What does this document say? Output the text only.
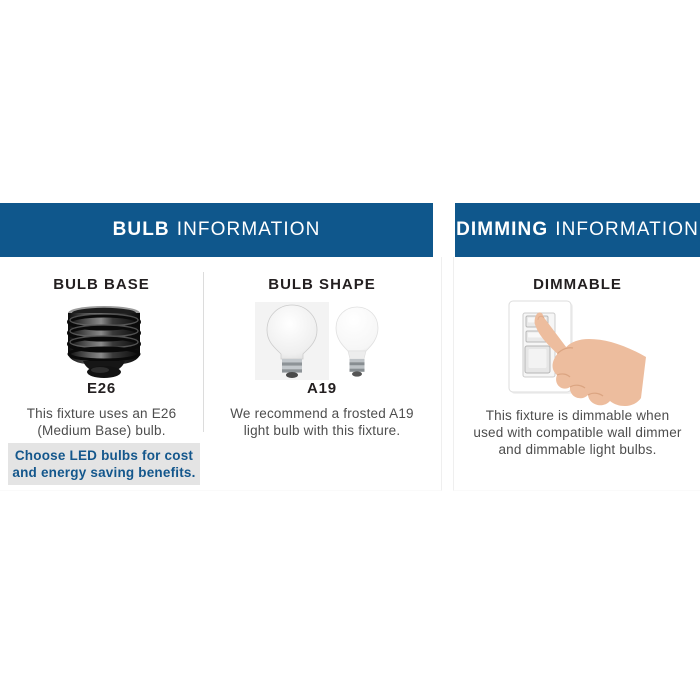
BULB INFORMATION	DIMMING INFORMATION
BULB BASE	BULB SHAPE
E26	A19
This fixture uses an E26
(Medium Base) bulb.
We recommend a frosted A19
light bulb with this fixture.
Choose LED bulbs for cost
and energy saving benefits.
DIMMABLE
This fixture is dimmable when
used with compatible wall dimmer
and dimmable light bulbs.
